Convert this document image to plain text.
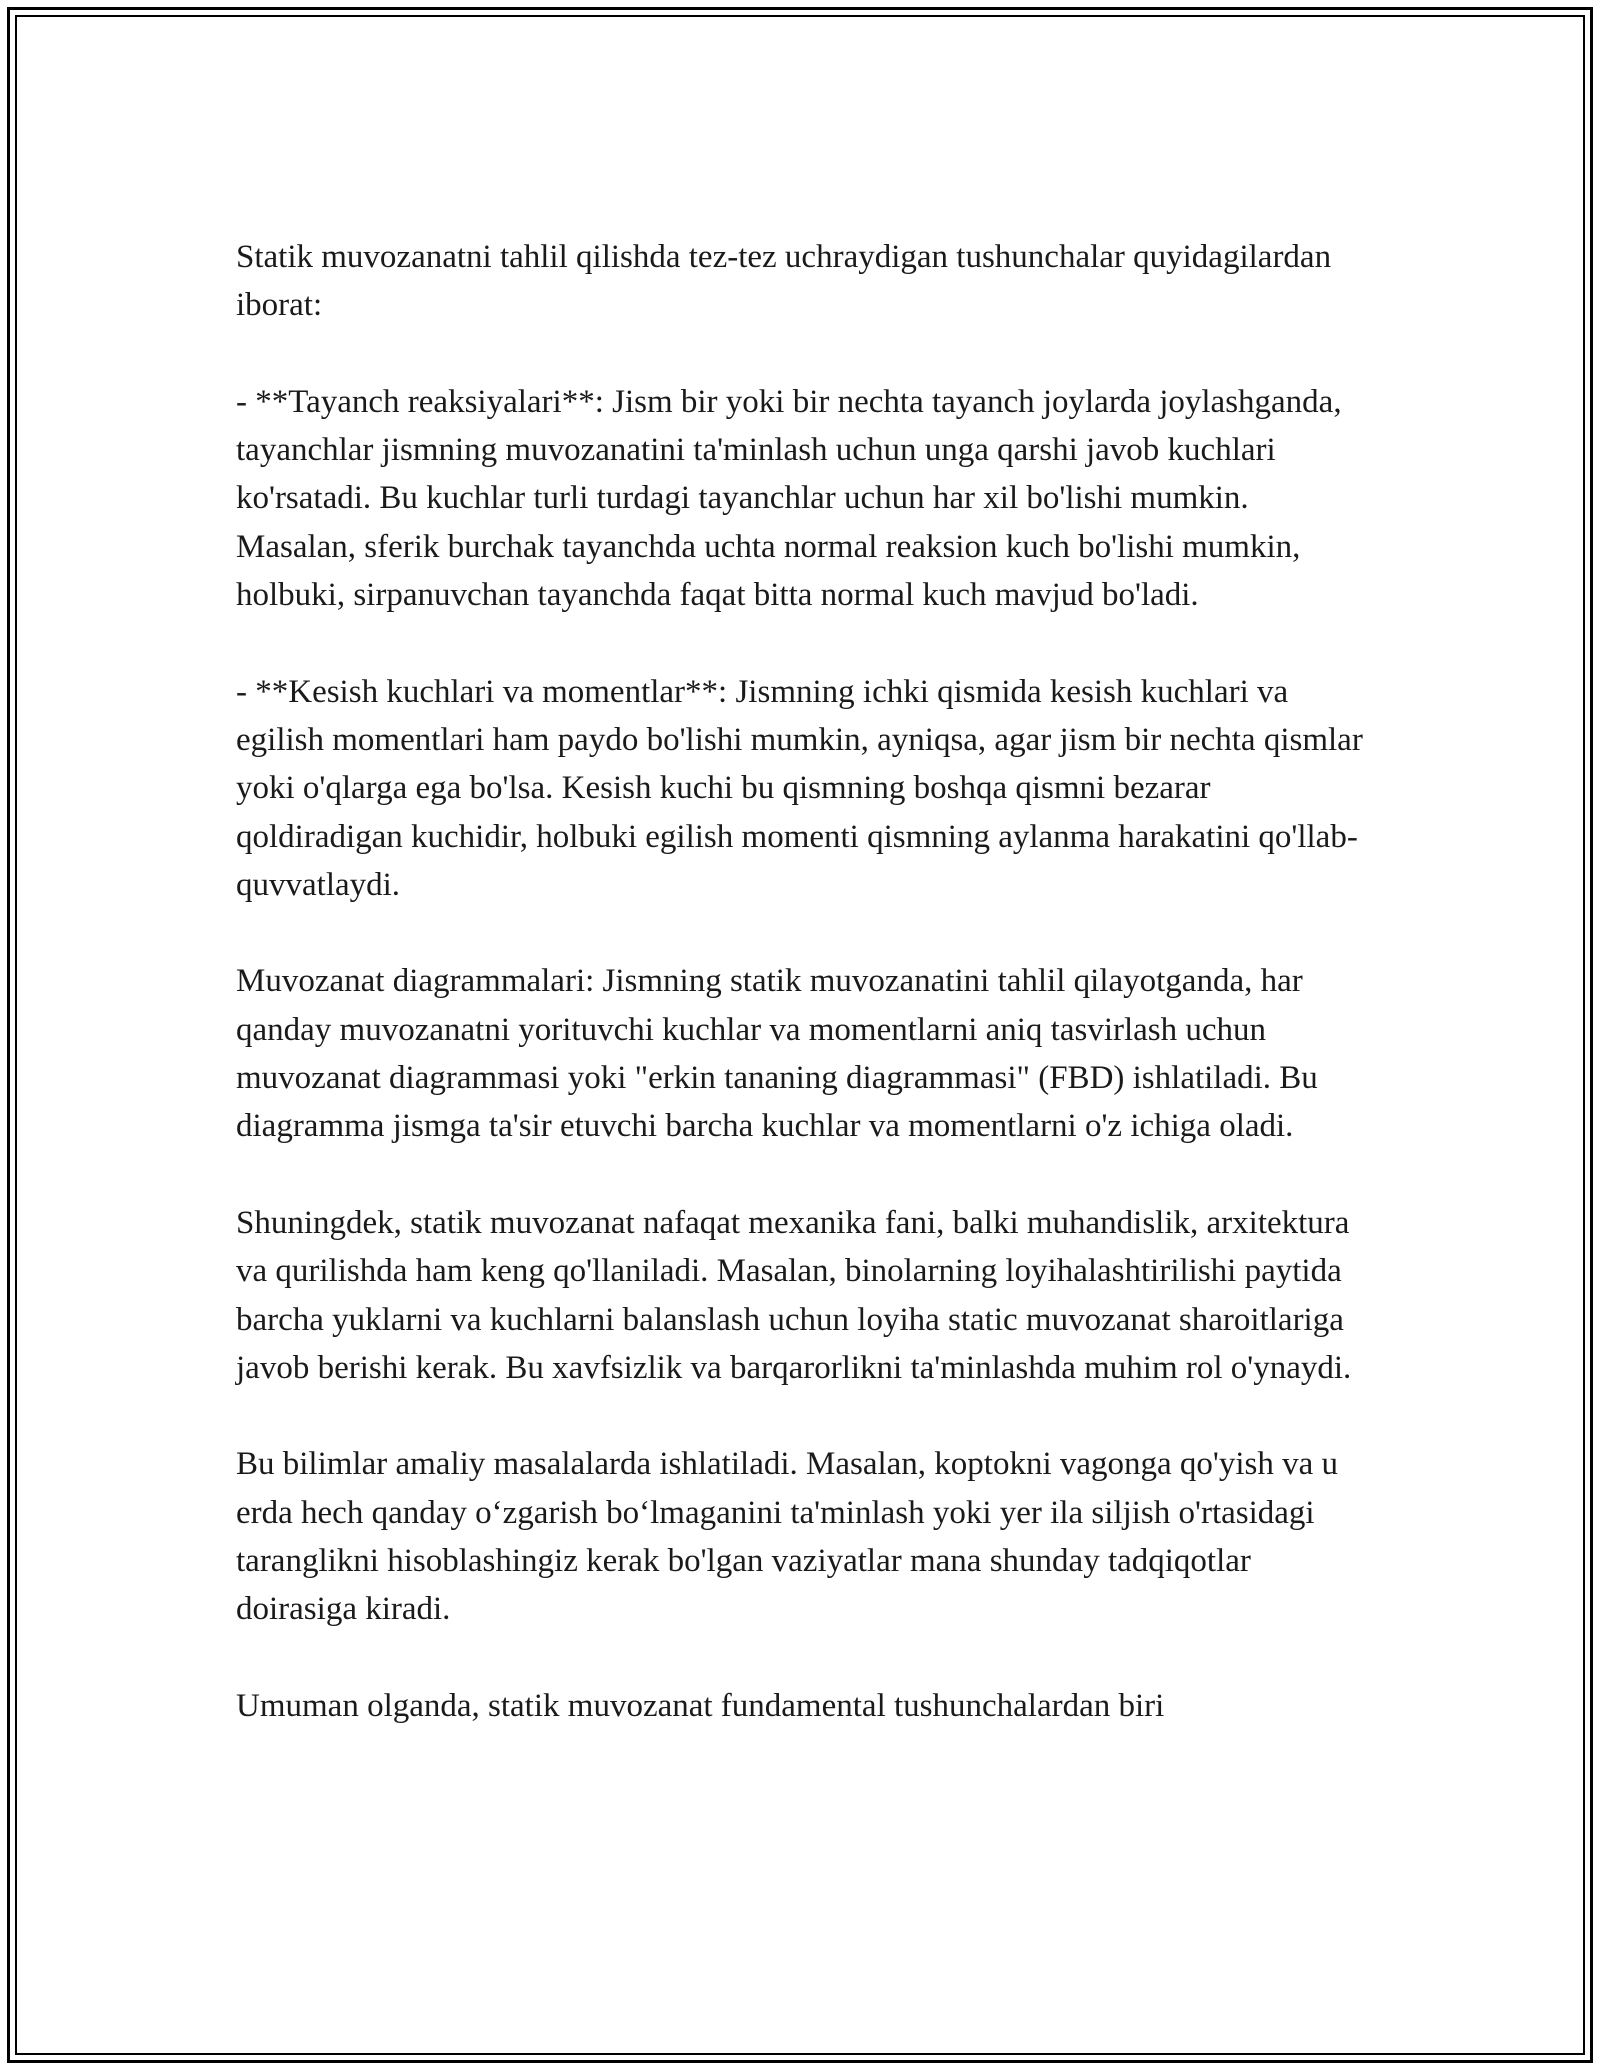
Statik muvozanatni tahlil qilishda tez-tez uchraydigan tushunchalar quyidagilardan iborat:

- **Tayanch reaksiyalari**: Jism bir yoki bir nechta tayanch joylarda joylashganda, tayanchlar jismning muvozanatini ta'minlash uchun unga qarshi javob kuchlari ko'rsatadi. Bu kuchlar turli turdagi tayanchlar uchun har xil bo'lishi mumkin. Masalan, sferik burchak tayanchda uchta normal reaksion kuch bo'lishi mumkin, holbuki, sirpanuvchan tayanchda faqat bitta normal kuch mavjud bo'ladi.

- **Kesish kuchlari va momentlar**: Jismning ichki qismida kesish kuchlari va egilish momentlari ham paydo bo'lishi mumkin, ayniqsa, agar jism bir nechta qismlar yoki o'qlarga ega bo'lsa. Kesish kuchi bu qismning boshqa qismni bezarar qoldiradigan kuchidir, holbuki egilish momenti qismning aylanma harakatini qo'llab-quvvatlaydi.

Muvozanat diagrammalari: Jismning statik muvozanatini tahlil qilayotganda, har qanday muvozanatni yorituvchi kuchlar va momentlarni aniq tasvirlash uchun muvozanat diagrammasi yoki "erkin tananing diagrammasi" (FBD) ishlatiladi. Bu diagramma jismga ta'sir etuvchi barcha kuchlar va momentlarni o'z ichiga oladi.

Shuningdek, statik muvozanat nafaqat mexanika fani, balki muhandislik, arxitektura va qurilishda ham keng qo'llaniladi. Masalan, binolarning loyihalashtirilishi paytida barcha yuklarni va kuchlarni balanslash uchun loyiha static muvozanat sharoitlariga javob berishi kerak. Bu xavfsizlik va barqarorlikni ta'minlashda muhim rol o'ynaydi.

Bu bilimlar amaliy masalalarda ishlatiladi. Masalan, koptokni vagonga qo'yish va u erda hech qanday o‘zgarish bo‘lmaganini ta'minlash yoki yer ila siljish o'rtasidagi taranglikni hisoblashingiz kerak bo'lgan vaziyatlar mana shunday tadqiqotlar doirasiga kiradi.

Umuman olganda, statik muvozanat fundamental tushunchalardan biri
